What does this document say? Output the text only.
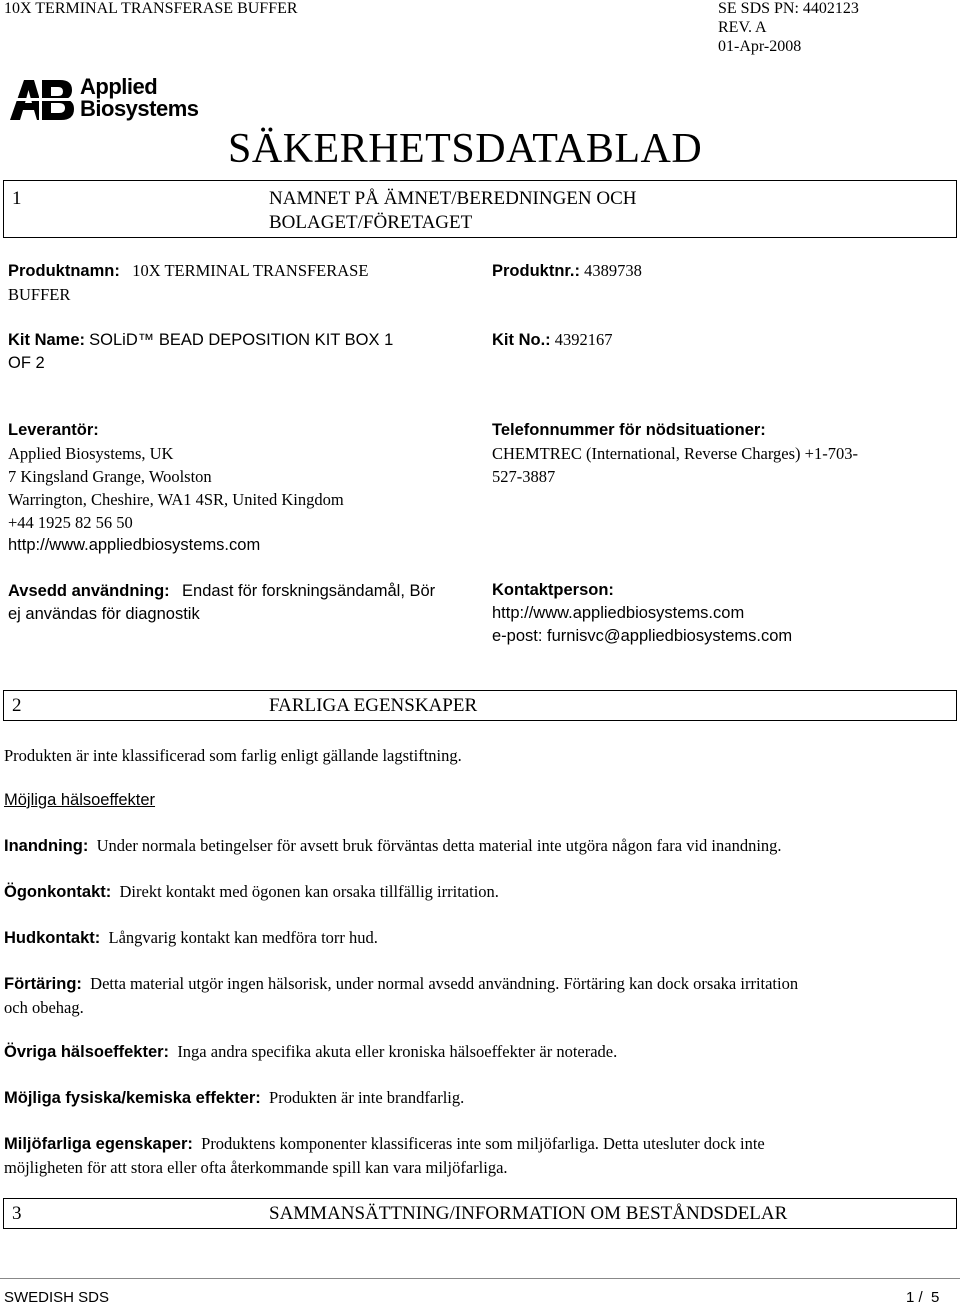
10X TERMINAL TRANSFERASE BUFFER	SE SDS PN: 4402123
REV. A
01-Apr-2008
Applied
Biosystems
SÄKERHETSDATABLAD
1	NAMNET PÅ ÄMNET/BEREDNINGEN OCH
BOLAGET/FÖRETAGET
Produktnamn: 10X TERMINAL TRANSFERASE
BUFFER
Produktnr.: 4389738
Kit Name: SOLiD™ BEAD DEPOSITION KIT BOX 1
OF 2
Kit No.: 4392167
Leverantör:
Applied Biosystems, UK
7 Kingsland Grange, Woolston
Warrington, Cheshire, WA1 4SR, United Kingdom
+44 1925 82 56 50
http://www.appliedbiosystems.com
Telefonnummer för nödsituationer:
CHEMTREC (International, Reverse Charges) +1-703-
527-3887
Avsedd användning: Endast för forskningsändamål, Bör
ej användas för diagnostik
Kontaktperson:
http://www.appliedbiosystems.com
e-post: furnisvc@appliedbiosystems.com
2	FARLIGA EGENSKAPER
Produkten är inte klassificerad som farlig enligt gällande lagstiftning.
Möjliga hälsoeffekter
Inandning: Under normala betingelser för avsett bruk förväntas detta material inte utgöra någon fara vid inandning.
Ögonkontakt: Direkt kontakt med ögonen kan orsaka tillfällig irritation.
Hudkontakt: Långvarig kontakt kan medföra torr hud.
Förtäring: Detta material utgör ingen hälsorisk, under normal avsedd användning. Förtäring kan dock orsaka irritation
och obehag.
Övriga hälsoeffekter: Inga andra specifika akuta eller kroniska hälsoeffekter är noterade.
Möjliga fysiska/kemiska effekter: Produkten är inte brandfarlig.
Miljöfarliga egenskaper: Produktens komponenter klassificeras inte som miljöfarliga. Detta utesluter dock inte
möjligheten för att stora eller ofta återkommande spill kan vara miljöfarliga.
3	SAMMANSÄTTNING/INFORMATION OM BESTÅNDSDELAR
SWEDISH SDS	1 / 5
